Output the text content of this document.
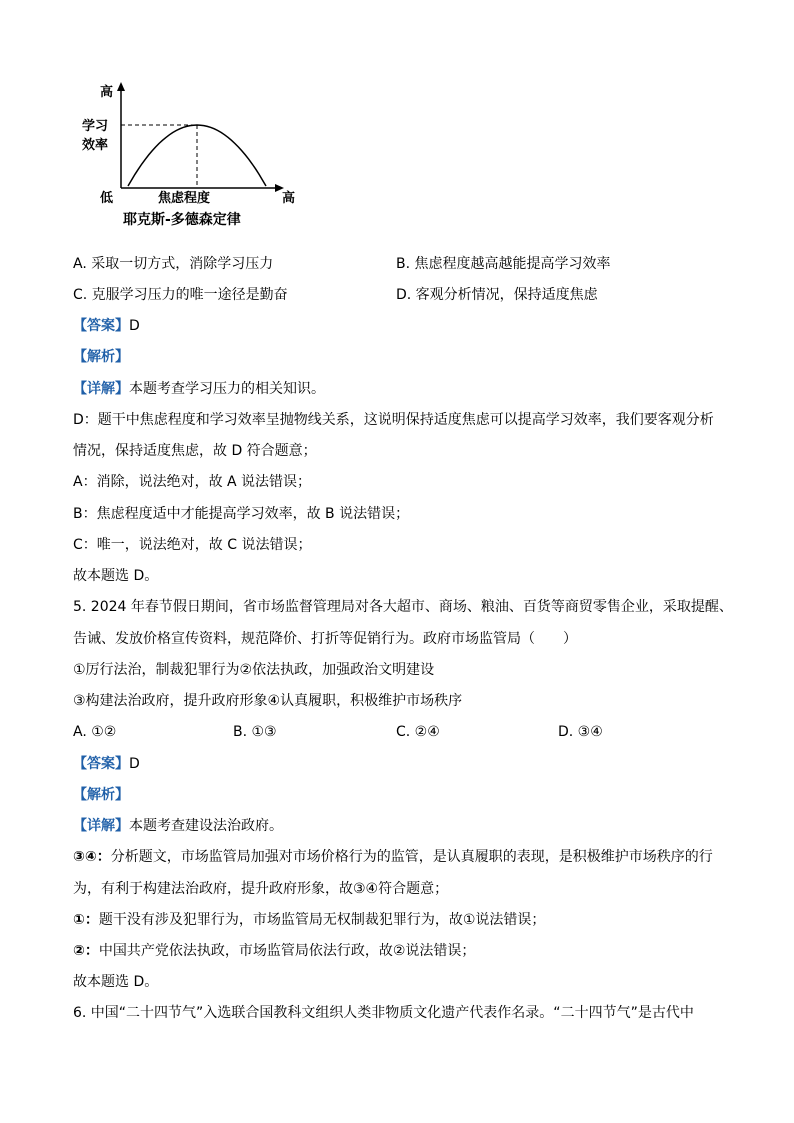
高
学习
效率
低	焦虑程度	高
耶克斯-多德森定律
A. 采取一切方式，消除学习压力	B. 焦虑程度越高越能提高学习效率
C. 克服学习压力的唯一途径是勤奋	D. 客观分析情况，保持适度焦虑
【答案】D
【解析】
【详解】本题考查学习压力的相关知识。
D：题干中焦虑程度和学习效率呈抛物线关系，这说明保持适度焦虑可以提高学习效率，我们要客观分析
情况，保持适度焦虑，故 D 符合题意；
A：消除，说法绝对，故 A 说法错误；
B：焦虑程度适中才能提高学习效率，故 B 说法错误；
C：唯一，说法绝对，故 C 说法错误；
故本题选 D。
5. 2024 年春节假日期间，省市场监督管理局对各大超市、商场、粮油、百货等商贸零售企业，采取提醒、
告诫、发放价格宣传资料，规范降价、打折等促销行为。政府市场监管局（　　）
①厉行法治，制裁犯罪行为②依法执政，加强政治文明建设
③构建法治政府，提升政府形象④认真履职，积极维护市场秩序
A. ①②	B. ①③	C. ②④	D. ③④
【答案】D
【解析】
【详解】本题考查建设法治政府。
③④：分析题文，市场监管局加强对市场价格行为的监管，是认真履职的表现，是积极维护市场秩序的行
为，有利于构建法治政府，提升政府形象，故③④符合题意；
①：题干没有涉及犯罪行为，市场监管局无权制裁犯罪行为，故①说法错误；
②：中国共产党依法执政，市场监管局依法行政，故②说法错误；
故本题选 D。
6. 中国“二十四节气”入选联合国教科文组织人类非物质文化遗产代表作名录。“二十四节气”是古代中
